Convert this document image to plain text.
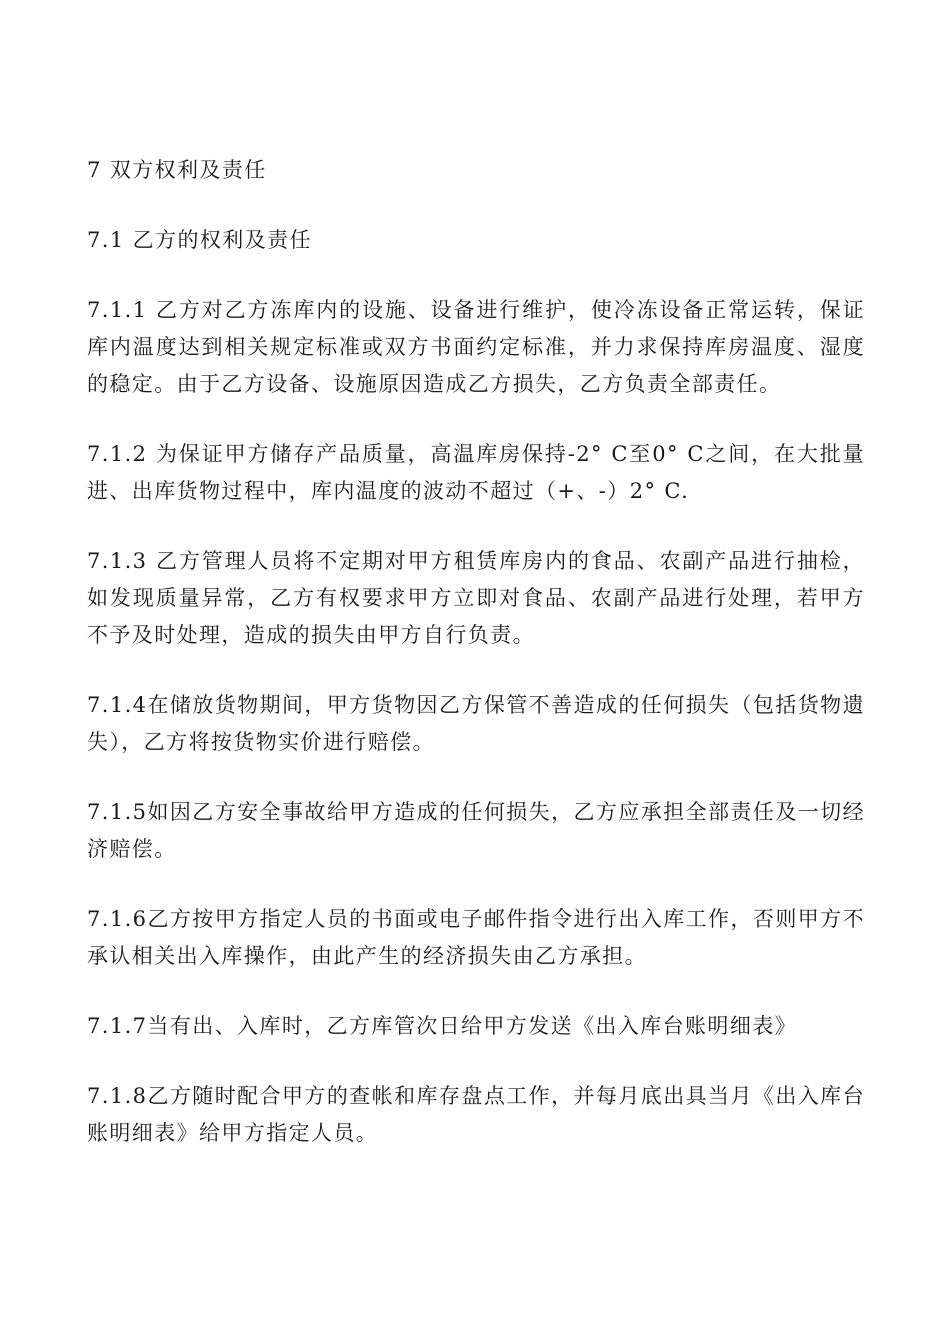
7 双方权利及责任

7.1 乙方的权利及责任

7.1.1 乙方对乙方冻库内的设施、设备进行维护，使冷冻设备正常运转，保证库内温度达到相关规定标准或双方书面约定标准，并力求保持库房温度、湿度的稳定。由于乙方设备、设施原因造成乙方损失，乙方负责全部责任。

7.1.2 为保证甲方储存产品质量，高温库房保持-2° C至0° C之间，在大批量进、出库货物过程中，库内温度的波动不超过（+、-）2° C.

7.1.3 乙方管理人员将不定期对甲方租赁库房内的食品、农副产品进行抽检，如发现质量异常，乙方有权要求甲方立即对食品、农副产品进行处理，若甲方不予及时处理，造成的损失由甲方自行负责。

7.1.4在储放货物期间，甲方货物因乙方保管不善造成的任何损失（包括货物遗失），乙方将按货物实价进行赔偿。

7.1.5如因乙方安全事故给甲方造成的任何损失，乙方应承担全部责任及一切经济赔偿。

7.1.6乙方按甲方指定人员的书面或电子邮件指令进行出入库工作，否则甲方不承认相关出入库操作，由此产生的经济损失由乙方承担。

7.1.7当有出、入库时，乙方库管次日给甲方发送《出入库台账明细表》

7.1.8乙方随时配合甲方的查帐和库存盘点工作，并每月底出具当月《出入库台账明细表》给甲方指定人员。
